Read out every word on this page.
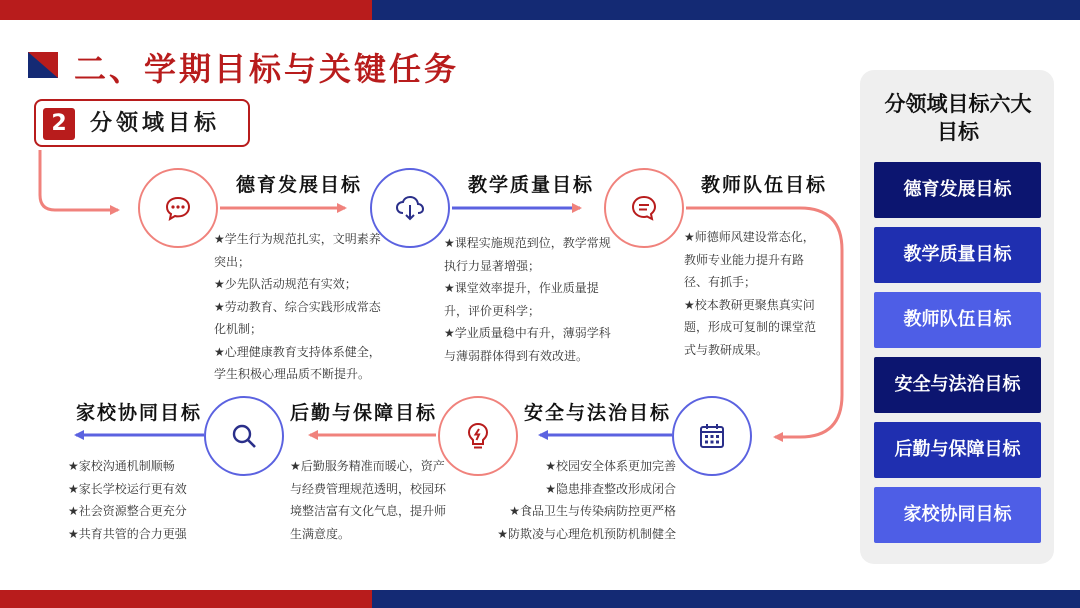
二、学期目标与关键任务
2	分领域目标
德育发展目标	教学质量目标	教师队伍目标
安全与法治目标
后勤与保障目标
家校协同目标

★学生行为规范扎实，文明素养突出；

★少先队活动规范有实效；

★劳动教育、综合实践形成常态化机制；

★心理健康教育支持体系健全，学生积极心理品质不断提升。

★课程实施规范到位，教学常规执行力显著增强；

★课堂效率提升，作业质量提升，评价更科学；

★学业质量稳中有升，薄弱学科与薄弱群体得到有效改进。

★师德师风建设常态化，教师专业能力提升有路径、有抓手；

★校本教研更聚焦真实问题，形成可复制的课堂范式与教研成果。

★校园安全体系更加完善

★隐患排查整改形成闭合

★食品卫生与传染病防控更严格

★防欺凌与心理危机预防机制健全

★后勤服务精准而暖心，资产与经费管理规范透明，校园环境整洁富有文化气息，提升师生满意度。

★家校沟通机制顺畅

★家长学校运行更有效

★社会资源整合更充分

★共育共管的合力更强

分领域目标六大目标
德育发展目标
教学质量目标
教师队伍目标
安全与法治目标
后勤与保障目标
家校协同目标
